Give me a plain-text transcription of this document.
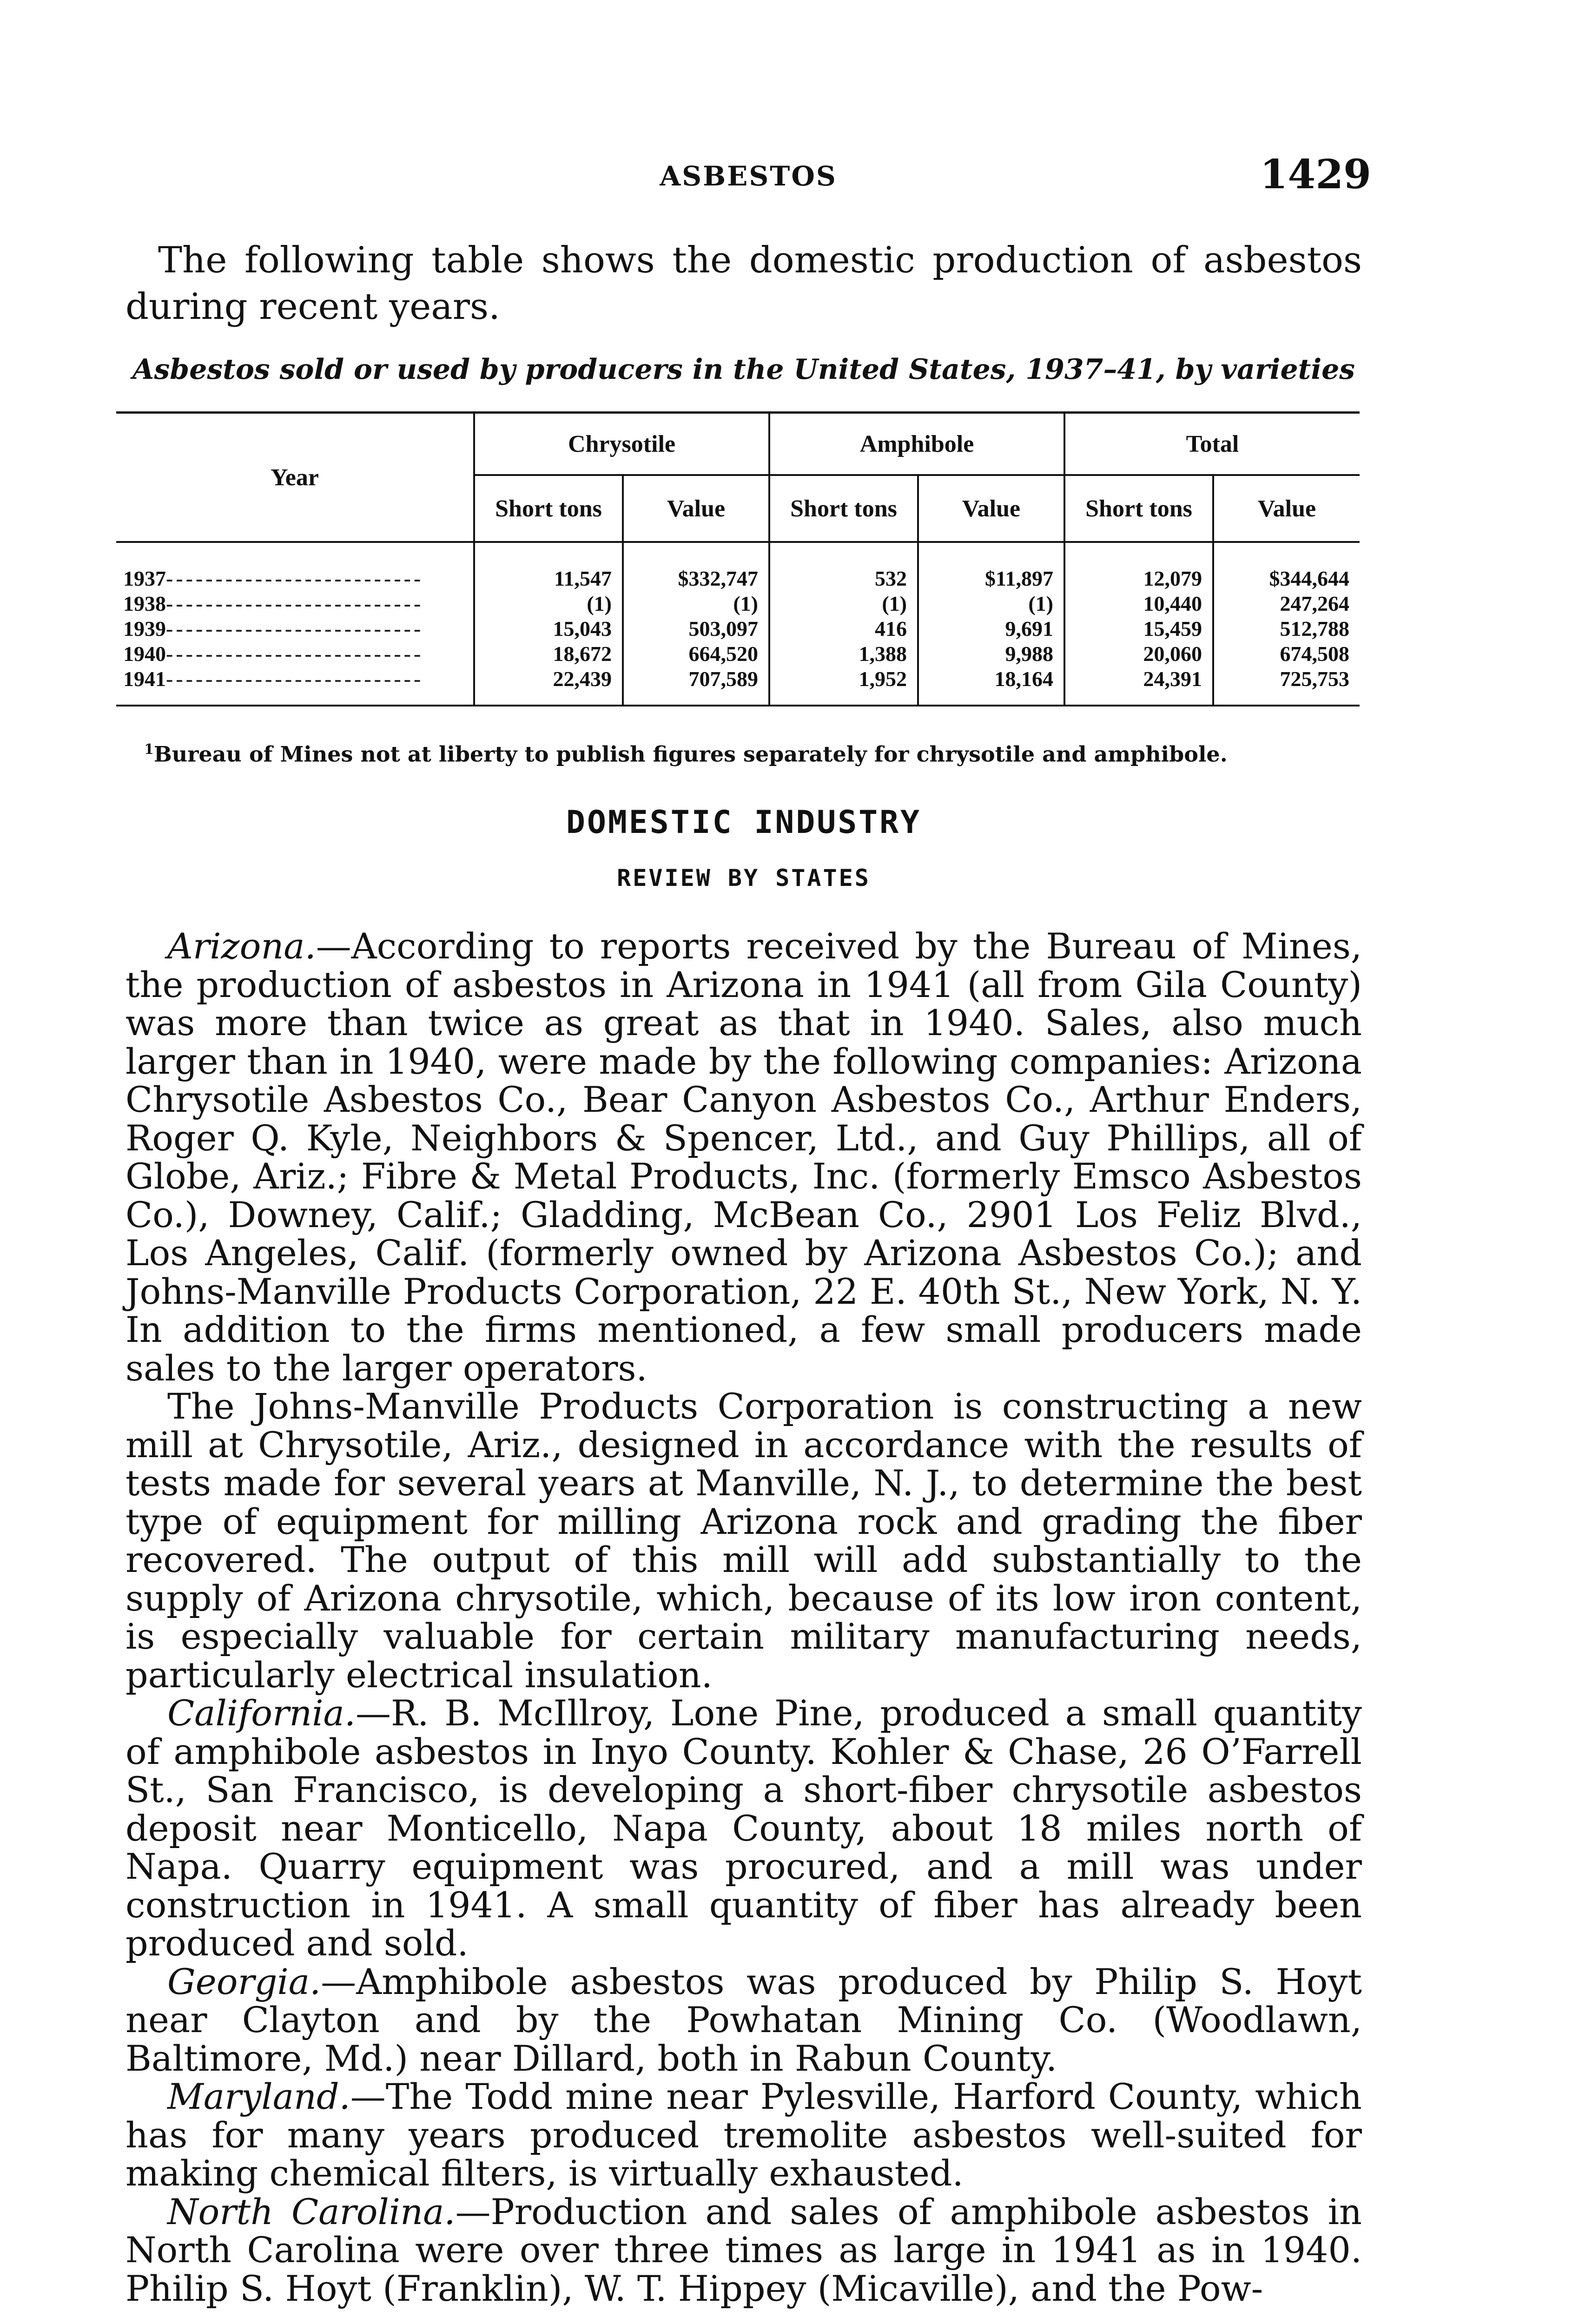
ASBESTOS	1429
The following table shows the domestic production of asbestos during recent years.
Asbestos sold or used by producers in the United States, 1937–41, by varieties
Year	Chrysotile		Amphibole		Total	
	Short tons	Value	Short tons	Value	Short tons	Value
1937--------------------------	11,547	$332,747	532	$11,897	12,079	$344,644
1938--------------------------	(1)	(1)	(1)	(1)	10,440	247,264
1939--------------------------	15,043	503,097	416	9,691	15,459	512,788
1940--------------------------	18,672	664,520	1,388	9,988	20,060	674,508
1941--------------------------	22,439	707,589	1,952	18,164	24,391	725,753
$^1$Bureau of Mines not at liberty to publish figures separately for chrysotile and amphibole.
DOMESTIC INDUSTRY
REVIEW BY STATES

Arizona.—According to reports received by the Bureau of Mines, the production of asbestos in Arizona in 1941 (all from Gila County) was more than twice as great as that in 1940. Sales, also much larger than in 1940, were made by the following companies: Arizona Chrysotile Asbestos Co., Bear Canyon Asbestos Co., Arthur Enders, Roger Q. Kyle, Neighbors & Spencer, Ltd., and Guy Phillips, all of Globe, Ariz.; Fibre & Metal Products, Inc. (formerly Emsco Asbestos Co.), Downey, Calif.; Gladding, McBean Co., 2901 Los Feliz Blvd., Los Angeles, Calif. (formerly owned by Arizona Asbestos Co.); and Johns-Manville Products Corporation, 22 E. 40th St., New York, N. Y. In addition to the firms mentioned, a few small producers made sales to the larger operators.

The Johns-Manville Products Corporation is constructing a new mill at Chrysotile, Ariz., designed in accordance with the results of tests made for several years at Manville, N. J., to determine the best type of equipment for milling Arizona rock and grading the fiber recovered. The output of this mill will add substantially to the supply of Arizona chrysotile, which, because of its low iron content, is especially valuable for certain military manufacturing needs, particularly electrical insulation.

California.—R. B. McIllroy, Lone Pine, produced a small quantity of amphibole asbestos in Inyo County. Kohler & Chase, 26 O’Farrell St., San Francisco, is developing a short-fiber chrysotile asbestos deposit near Monticello, Napa County, about 18 miles north of Napa. Quarry equipment was procured, and a mill was under construction in 1941. A small quantity of fiber has already been produced and sold.

Georgia.—Amphibole asbestos was produced by Philip S. Hoyt near Clayton and by the Powhatan Mining Co. (Woodlawn, Baltimore, Md.) near Dillard, both in Rabun County.

Maryland.—The Todd mine near Pylesville, Harford County, which has for many years produced tremolite asbestos well-suited for making chemical filters, is virtually exhausted.

North Carolina.—Production and sales of amphibole asbestos in North Carolina were over three times as large in 1941 as in 1940. Philip S. Hoyt (Franklin), W. T. Hippey (Micaville), and the Pow-
